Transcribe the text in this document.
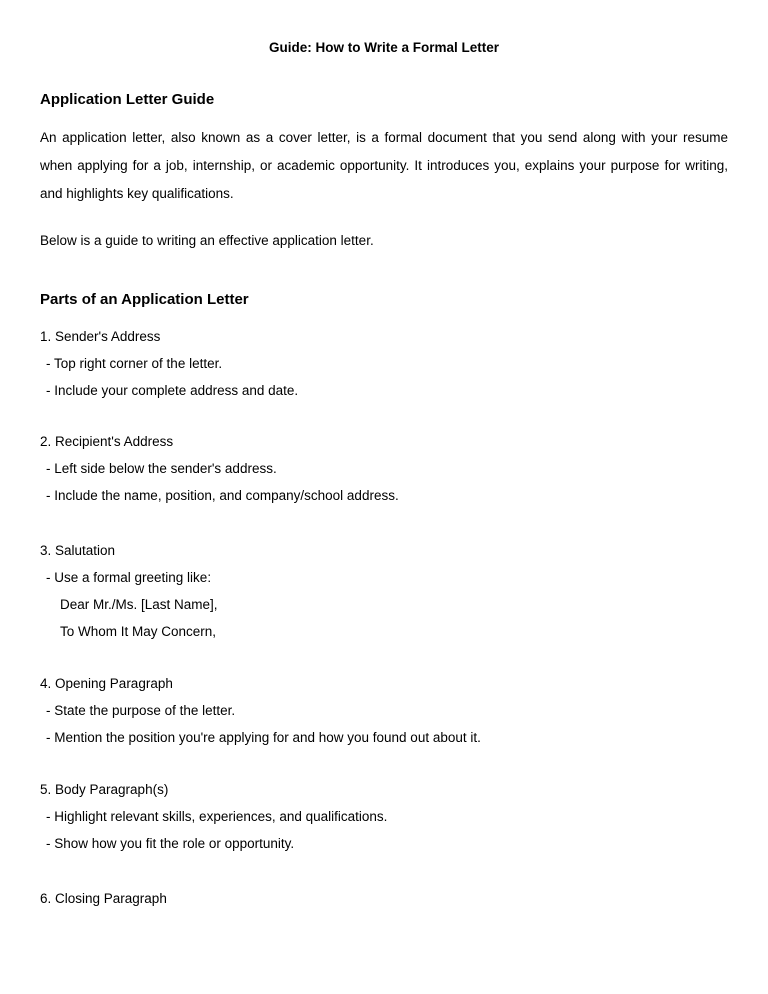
Guide: How to Write a Formal Letter
Application Letter Guide
An application letter, also known as a cover letter, is a formal document that you send along with your resume when applying for a job, internship, or academic opportunity. It introduces you, explains your purpose for writing, and highlights key qualifications.
Below is a guide to writing an effective application letter.
Parts of an Application Letter
1. Sender's Address
- Top right corner of the letter.
- Include your complete address and date.
2. Recipient's Address
- Left side below the sender's address.
- Include the name, position, and company/school address.
3. Salutation
- Use a formal greeting like:
Dear Mr./Ms. [Last Name],
To Whom It May Concern,
4. Opening Paragraph
- State the purpose of the letter.
- Mention the position you're applying for and how you found out about it.
5. Body Paragraph(s)
- Highlight relevant skills, experiences, and qualifications.
- Show how you fit the role or opportunity.
6. Closing Paragraph
